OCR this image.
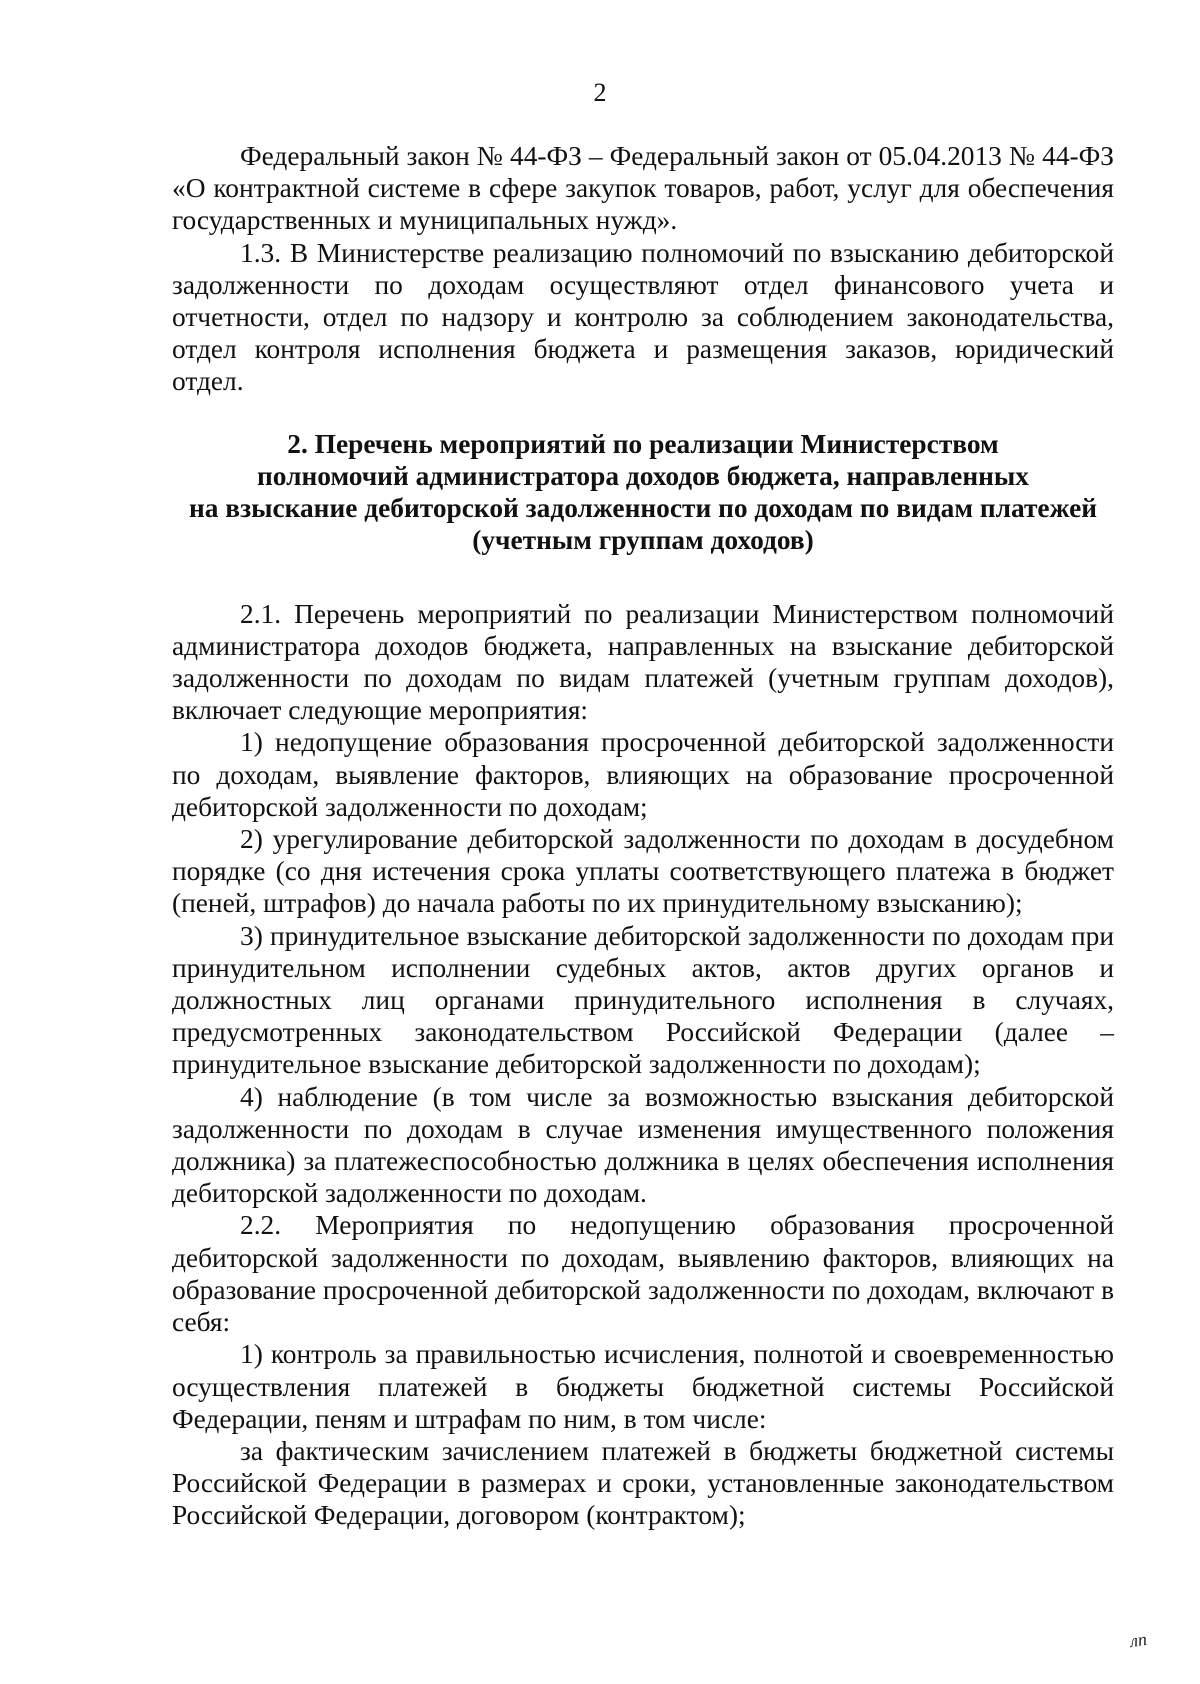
2

Федеральный закон № 44-ФЗ – Федеральный закон от 05.04.2013 № 44-ФЗ «О контрактной системе в сфере закупок товаров, работ, услуг для обеспечения государственных и муниципальных нужд».

1.3. В Министерстве реализацию полномочий по взысканию дебиторской задолженности по доходам осуществляют отдел финансового учета и отчетности, отдел по надзору и контролю за соблюдением законодательства, отдел контроля исполнения бюджета и размещения заказов, юридический отдел.

2. Перечень мероприятий по реализации Министерством
полномочий администратора доходов бюджета, направленных
на взыскание дебиторской задолженности по доходам по видам платежей
(учетным группам доходов)

2.1. Перечень мероприятий по реализации Министерством полномочий администратора доходов бюджета, направленных на взыскание дебиторской задолженности по доходам по видам платежей (учетным группам доходов), включает следующие мероприятия:

1) недопущение образования просроченной дебиторской задолженности по доходам, выявление факторов, влияющих на образование просроченной дебиторской задолженности по доходам;

2) урегулирование дебиторской задолженности по доходам в досудебном порядке (со дня истечения срока уплаты соответствующего платежа в бюджет (пеней, штрафов) до начала работы по их принудительному взысканию);

3) принудительное взыскание дебиторской задолженности по доходам при принудительном исполнении судебных актов, актов других органов и должностных лиц органами принудительного исполнения в случаях, предусмотренных законодательством Российской Федерации (далее – принудительное взыскание дебиторской задолженности по доходам);

4) наблюдение (в том числе за возможностью взыскания дебиторской задолженности по доходам в случае изменения имущественного положения должника) за платежеспособностью должника в целях обеспечения исполнения дебиторской задолженности по доходам.

2.2. Мероприятия по недопущению образования просроченной дебиторской задолженности по доходам, выявлению факторов, влияющих на образование просроченной дебиторской задолженности по доходам, включают в себя:

1) контроль за правильностью исчисления, полнотой и своевременностью осуществления платежей в бюджеты бюджетной системы Российской Федерации, пеням и штрафам по ним, в том числе:

за фактическим зачислением платежей в бюджеты бюджетной системы Российской Федерации в размерах и сроки, установленные законодательством Российской Федерации, договором (контрактом);

лп
